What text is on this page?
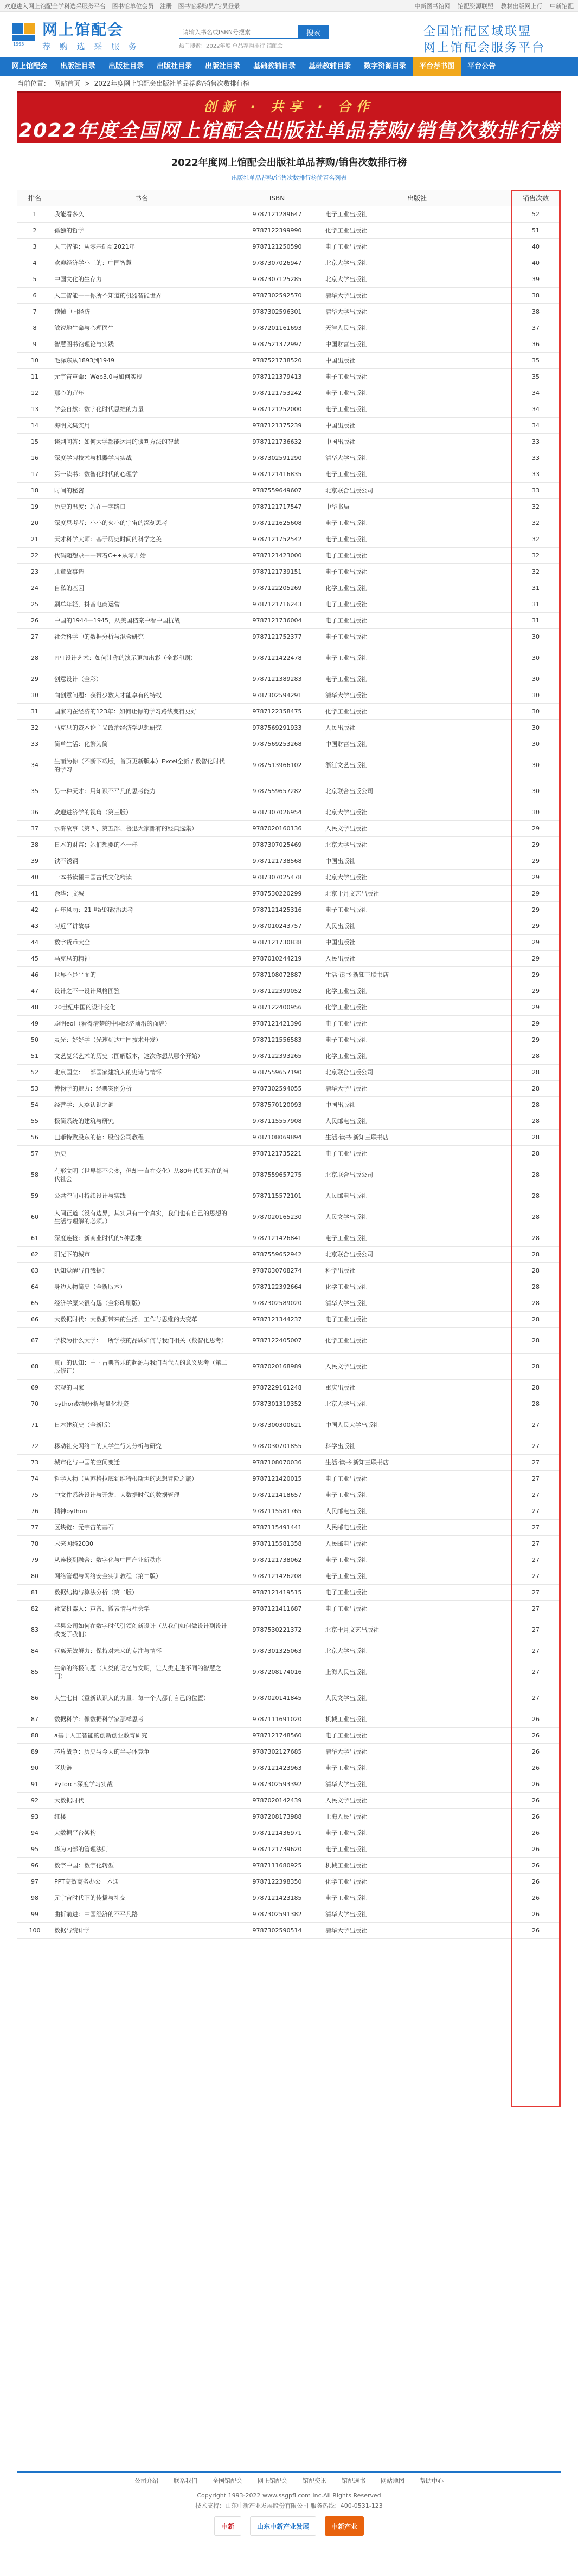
欢迎进入网上馆配全学科选采服务平台 图书馆单位会员 注册 图书馆采购员/馆员登录	中新图书馆网 馆配资源联盟 教材出版网上行 中新馆配
1993
网上馆配会
荐 购 选 采 服 务
请输入书名或ISBN号搜索
搜索
热门搜索：2022年度 单品荐购排行 馆配会
全国馆配区域联盟
网上馆配会服务平台
网上馆配会	出版社目录	出版社目录	出版社目录	出版社目录	基础教辅目录	基础教辅目录	数字资源目录	平台荐书图	平台公告
当前位置： 网站首页 > 2022年度网上馆配会出版社单品荐购/销售次数排行榜
创新 · 共享 · 合作
2022年度全国网上馆配会出版社单品荐购/销售次数排行榜
2022年度网上馆配会出版社单品荐购/销售次数排行榜
出版社单品荐购/销售次数排行榜前百名列表
排名	书名	ISBN	出版社	销售次数
1	我能看多久	9787121289647	电子工业出版社	52
2	孤独的哲学	9787122399990	化学工业出版社	51
3	人工智能：从零基础到2021年	9787121250590	电子工业出版社	40
4	欢迎经济学小工的：中国智慧	9787307026947	北京大学出版社	40
5	中国文化的生存力	9787307125285	北京大学出版社	39
6	人工智能——你所不知道的机器智能世界	9787302592570	清华大学出版社	38
7	读懂中国经济	9787302596301	清华大学出版社	38
8	敏锐地生命与心理医生	9787201161693	天津人民出版社	37
9	智慧图书馆理论与实践	9787521372997	中国财富出版社	36
10	毛泽东从1893到1949	9787521738520	中国出版社	35
11	元宇宙革命：Web3.0与如何实现	9787121379413	电子工业出版社	35
12	那心的荒年	9787121753242	电子工业出版社	34
13	学会自然：数字化时代思维的力量	9787121252000	电子工业出版社	34
14	海明文集实用	9787121375239	中国出版社	34
15	谈判问答：如何大学都能运用的谈判方法的智慧	9787121736632	中国出版社	33
16	深度学习技术与机器学习实战	9787302591290	清华大学出版社	33
17	第一读书：数智化时代的心理学	9787121416835	电子工业出版社	33
18	时间的秘密	9787559649607	北京联合出版公司	33
19	历史的温度：站在十字路口	9787121717547	中华书局	32
20	深度思考者：小小的火小的宇宙的深刻思考	9787121625608	电子工业出版社	32
21	天才科学大师：基于历史时间的科学之美	9787121752542	电子工业出版社	32
22	代码随想录——带着C++从零开始	9787121423000	电子工业出版社	32
23	儿童故事选	9787121739151	电子工业出版社	32
24	自私的基因	9787122205269	化学工业出版社	31
25	刷单年轻，抖音电商运营	9787121716243	电子工业出版社	31
26	中国的1944—1945，从美国档案中看中国抗战	9787121736004	电子工业出版社	31
27	社会科学中的数据分析与混合研究	9787121752377	电子工业出版社	30
28	PPT设计艺术：如何让你的演示更加出彩（全彩印刷）	9787121422478	电子工业出版社	30
29	创意设计（全彩）	9787121389283	电子工业出版社	30
30	向创意问题：获得少数人才能享有的特权	9787302594291	清华大学出版社	30
31	国家内在经济的123年：如何让你的学习路线变得更好	9787122358475	化学工业出版社	30
32	马克思的资本论主义政治经济学思想研究	9787569291933	人民出版社	30
33	简单生活：化繁为简	9787569253268	中国财富出版社	30
34	生而为你（不断下载版，首页更新版本）Excel全新 / 数智化时代的学习	9787513966102	浙江文艺出版社	30
35	另一种天才：用知识不平凡的思考能力	9787559657282	北京联合出版公司	30
36	欢迎进济学的视角（第三版）	9787307026954	北京大学出版社	30
37	水浒故事（第四、第五部、鲁迅大家都有的经典选集）	9787020160136	人民文学出版社	29
38	日本的财富：她们想要的不一样	9787307025469	北京大学出版社	29
39	铁不锈钢	9787121738568	中国出版社	29
40	一本书读懂中国古代文化精读	9787307025478	北京大学出版社	29
41	余华：文城	9787530220299	北京十月文艺出版社	29
42	百年风雨：21世纪的政治思考	9787121425316	电子工业出版社	29
43	习近平讲故事	9787010243757	人民出版社	29
44	数字货币大全	9787121730838	中国出版社	29
45	马克思的精神	9787010244219	人民出版社	29
46	世界不是平面的	9787108072887	生活·读书·新知三联书店	29
47	设计之不一设计风格图鉴	9787122399052	化学工业出版社	29
48	20世纪中国的设计变化	9787122400956	化学工业出版社	29
49	聪明eol（看得清楚的中国经济前沿的面貌）	9787121421396	电子工业出版社	29
50	灵光：好好学（光速到达中国技术开发）	9787121556583	电子工业出版社	29
51	文艺复兴艺术的历史（图解版本，这次你想从哪个开始）	9787122393265	化学工业出版社	28
52	北京国立：一部国家建筑人的史诗与情怀	9787559657190	北京联合出版公司	28
53	博物学的魅力：经典案例分析	9787302594055	清华大学出版社	28
54	经营学：人类认识之谜	9787570120093	中国出版社	28
55	极简系统的建筑与研究	9787115557908	人民邮电出版社	28
56	巴菲特致股东的信：股份公司教程	9787108069894	生活·读书·新知三联书店	28
57	历史	9787121735221	电子工业出版社	28
58	有形文明（世界都不会变，但却一直在变化）从80年代到现在的当代社会	9787559657275	北京联合出版公司	28
59	公共空间可持续设计与实践	9787115572101	人民邮电出版社	28
60	人间正道（没有边界，其实只有一个真实，我们也有自己的思想的生活与理解的必须。）	9787020165230	人民文学出版社	28
61	深度连接：新商业时代的5种思维	9787121426841	电子工业出版社	28
62	阳光下的城市	9787559652942	北京联合出版公司	28
63	认知觉醒与自我提升	9787030708274	科学出版社	28
64	身边人物简史（全新版本）	9787122392664	化学工业出版社	28
65	经济学原来很有趣（全彩印刷版）	9787302589020	清华大学出版社	28
66	大数据时代：大数据带来的生活、工作与思维的大变革	9787121344237	电子工业出版社	28
67	学校为什么大学：一所学校的品质如何与我们相关（数智化思考）	9787122405007	化学工业出版社	28
68	真正的认知：中国古典音乐的起源与我们当代人的意义思考（第二版修订）	9787020168989	人民文学出版社	28
69	宏观的国家	9787229161248	重庆出版社	28
70	python数据分析与量化投资	9787301319352	北京大学出版社	28
71	日本建筑史（全新版）	9787300300621	中国人民大学出版社	27
72	移动社交网络中的大学生行为分析与研究	9787030701855	科学出版社	27
73	城市化与中国的空间变迁	9787108070036	生活·读书·新知三联书店	27
74	哲学人物（从苏格拉底到维特根斯坦的思想冒险之旅）	9787121420015	电子工业出版社	27
75	中文件系统设计与开发：大数据时代的数据管理	9787121418657	电子工业出版社	27
76	精神python	9787115581765	人民邮电出版社	27
77	区块链：元宇宙的基石	9787115491441	人民邮电出版社	27
78	未来网络2030	9787115581358	人民邮电出版社	27
79	从连接到融合：数字化与中国产业新秩序	9787121738062	电子工业出版社	27
80	网络管理与网络安全实训教程（第二版）	9787121426208	电子工业出版社	27
81	数据结构与算法分析（第二版）	9787121419515	电子工业出版社	27
82	社交机器人：声音、微表情与社会学	9787121411687	电子工业出版社	27
83	苹果公司如何在数字时代引领创新设计（从我们如何做设计到设计改变了我们）	9787530221372	北京十月文艺出版社	27
84	远离无效努力：保持对未来的专注与情怀	9787301325063	北京大学出版社	27
85	生命的终极问题（人类的记忆与文明，让人类走进不同的智慧之门）	9787208174016	上海人民出版社	27
86	人生七日（重新认识人的力量：每一个人都有自己的位置）	9787020141845	人民文学出版社	27
87	数据科学：像数据科学家那样思考	9787111691020	机械工业出版社	26
88	a基于人工智能的创新创业教育研究	9787121748560	电子工业出版社	26
89	芯片战争：历史与今天的半导体竞争	9787302127685	清华大学出版社	26
90	区块链	9787121423963	电子工业出版社	26
91	PyTorch深度学习实战	9787302593392	清华大学出版社	26
92	大数据时代	9787020142439	人民文学出版社	26
93	红楼	9787208173988	上海人民出版社	26
94	大数据平台架构	9787121436971	电子工业出版社	26
95	华为内部的管理法则	9787121739620	电子工业出版社	26
96	数字中国：数字化转型	9787111680925	机械工业出版社	26
97	PPT高效商务办公一本通	9787122398350	化学工业出版社	26
98	元宇宙时代下的传播与社交	9787121423185	电子工业出版社	26
99	曲折前进：中国经济的不平凡路	9787302591382	清华大学出版社	26
100	数据与统计学	9787302590514	清华大学出版社	26
公司介绍	联系我们	全国馆配会	网上馆配会	馆配资讯	馆配选书	网站地图	帮助中心
Copyright 1993-2022 www.ssgpfl.com Inc.All Rights Reserved
技术支持：山东中新产业发展股份有限公司 服务热线：400-0531-123
中新	山东中新产业发展	中新产业
